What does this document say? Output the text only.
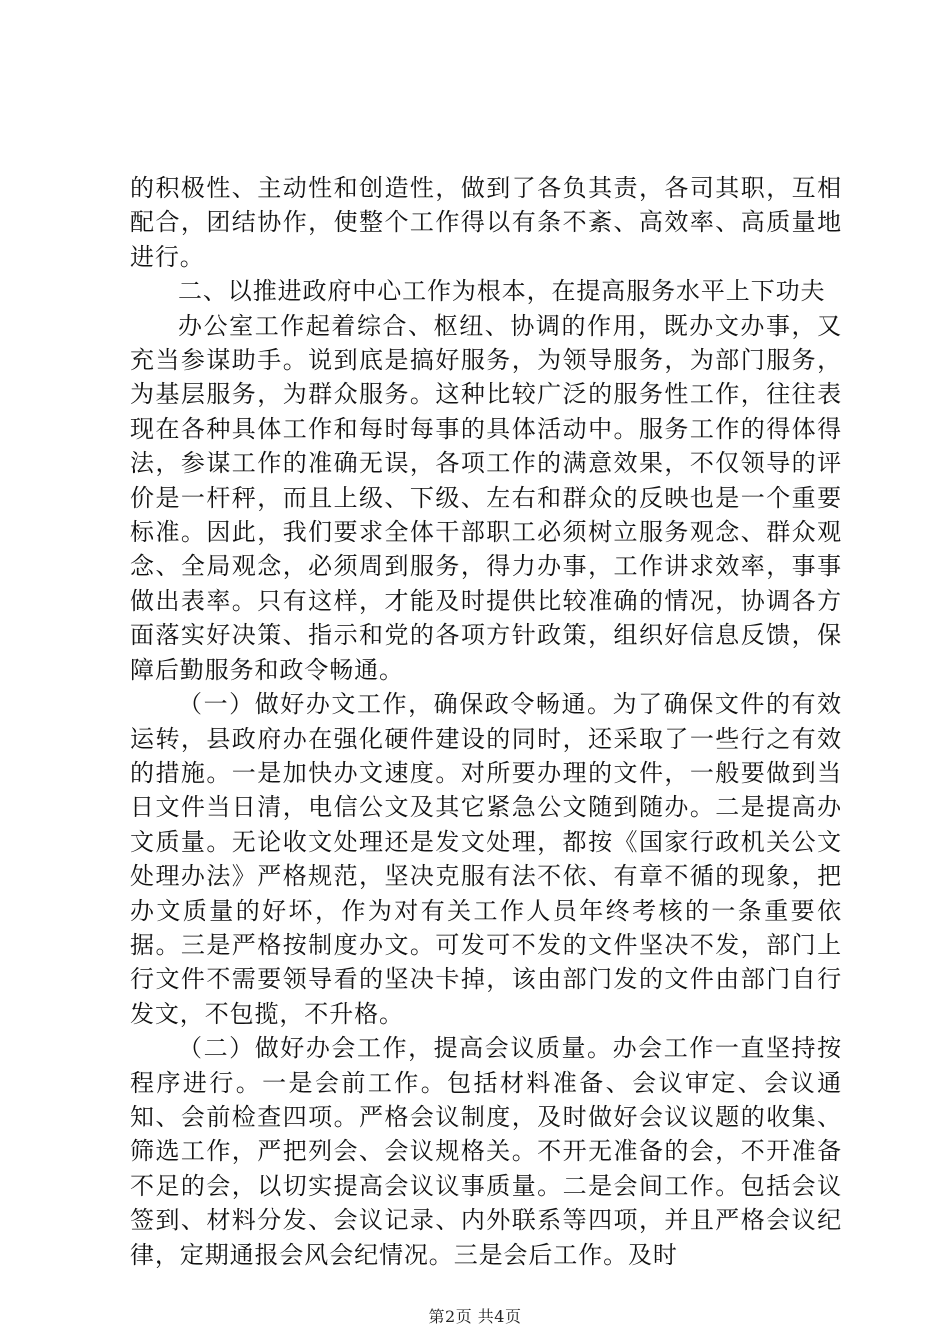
的积极性、主动性和创造性，做到了各负其责，各司其职，互相配合，团结协作，使整个工作得以有条不紊、高效率、高质量地进行。

二、以推进政府中心工作为根本，在提高服务水平上下功夫

办公室工作起着综合、枢纽、协调的作用，既办文办事，又充当参谋助手。说到底是搞好服务，为领导服务，为部门服务，为基层服务，为群众服务。这种比较广泛的服务性工作，往往表现在各种具体工作和每时每事的具体活动中。服务工作的得体得法，参谋工作的准确无误，各项工作的满意效果，不仅领导的评价是一杆秤，而且上级、下级、左右和群众的反映也是一个重要标准。因此，我们要求全体干部职工必须树立服务观念、群众观念、全局观念，必须周到服务，得力办事，工作讲求效率，事事做出表率。只有这样，才能及时提供比较准确的情况，协调各方面落实好决策、指示和党的各项方针政策，组织好信息反馈，保障后勤服务和政令畅通。

（一）做好办文工作，确保政令畅通。为了确保文件的有效运转，县政府办在强化硬件建设的同时，还采取了一些行之有效的措施。一是加快办文速度。对所要办理的文件，一般要做到当日文件当日清，电信公文及其它紧急公文随到随办。二是提高办文质量。无论收文处理还是发文处理，都按《国家行政机关公文处理办法》严格规范，坚决克服有法不依、有章不循的现象，把办文质量的好坏，作为对有关工作人员年终考核的一条重要依据。三是严格按制度办文。可发可不发的文件坚决不发，部门上行文件不需要领导看的坚决卡掉，该由部门发的文件由部门自行发文，不包揽，不升格。

（二）做好办会工作，提高会议质量。办会工作一直坚持按程序进行。一是会前工作。包括材料准备、会议审定、会议通知、会前检查四项。严格会议制度，及时做好会议议题的收集、筛选工作，严把列会、会议规格关。不开无准备的会，不开准备不足的会，以切实提高会议议事质量。二是会间工作。包括会议签到、材料分发、会议记录、内外联系等四项，并且严格会议纪律，定期通报会风会纪情况。三是会后工作。及时

第2页 共4页
